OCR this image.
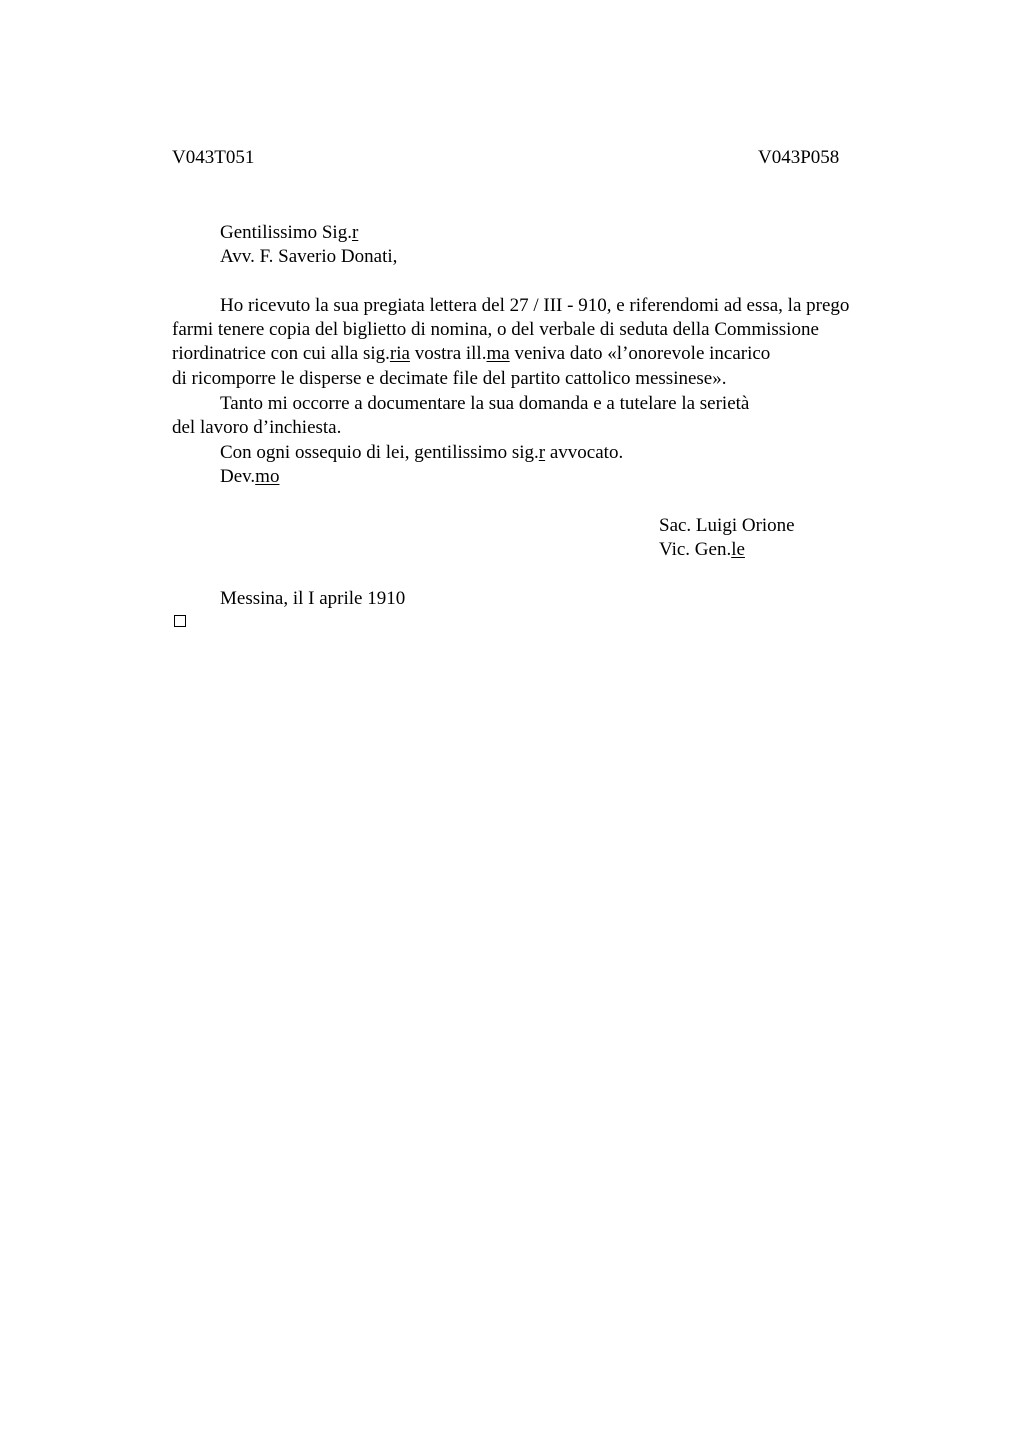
V043T051	V043P058
Gentilissimo Sig.r
Avv. F. Saverio Donati,
Ho ricevuto la sua pregiata lettera del 27 / III - 910, e riferendomi ad essa, la prego
farmi tenere copia del biglietto di nomina, o del verbale di seduta della Commissione
riordinatrice con cui alla sig.ria vostra ill.ma veniva dato «l’onorevole incarico
di ricomporre le disperse e decimate file del partito cattolico messinese».
Tanto mi occorre a documentare la sua domanda e a tutelare la serietà
del lavoro d’inchiesta.
Con ogni ossequio di lei, gentilissimo sig.r avvocato.
Dev.mo
Sac. Luigi Orione
Vic. Gen.le
Messina, il I aprile 1910
